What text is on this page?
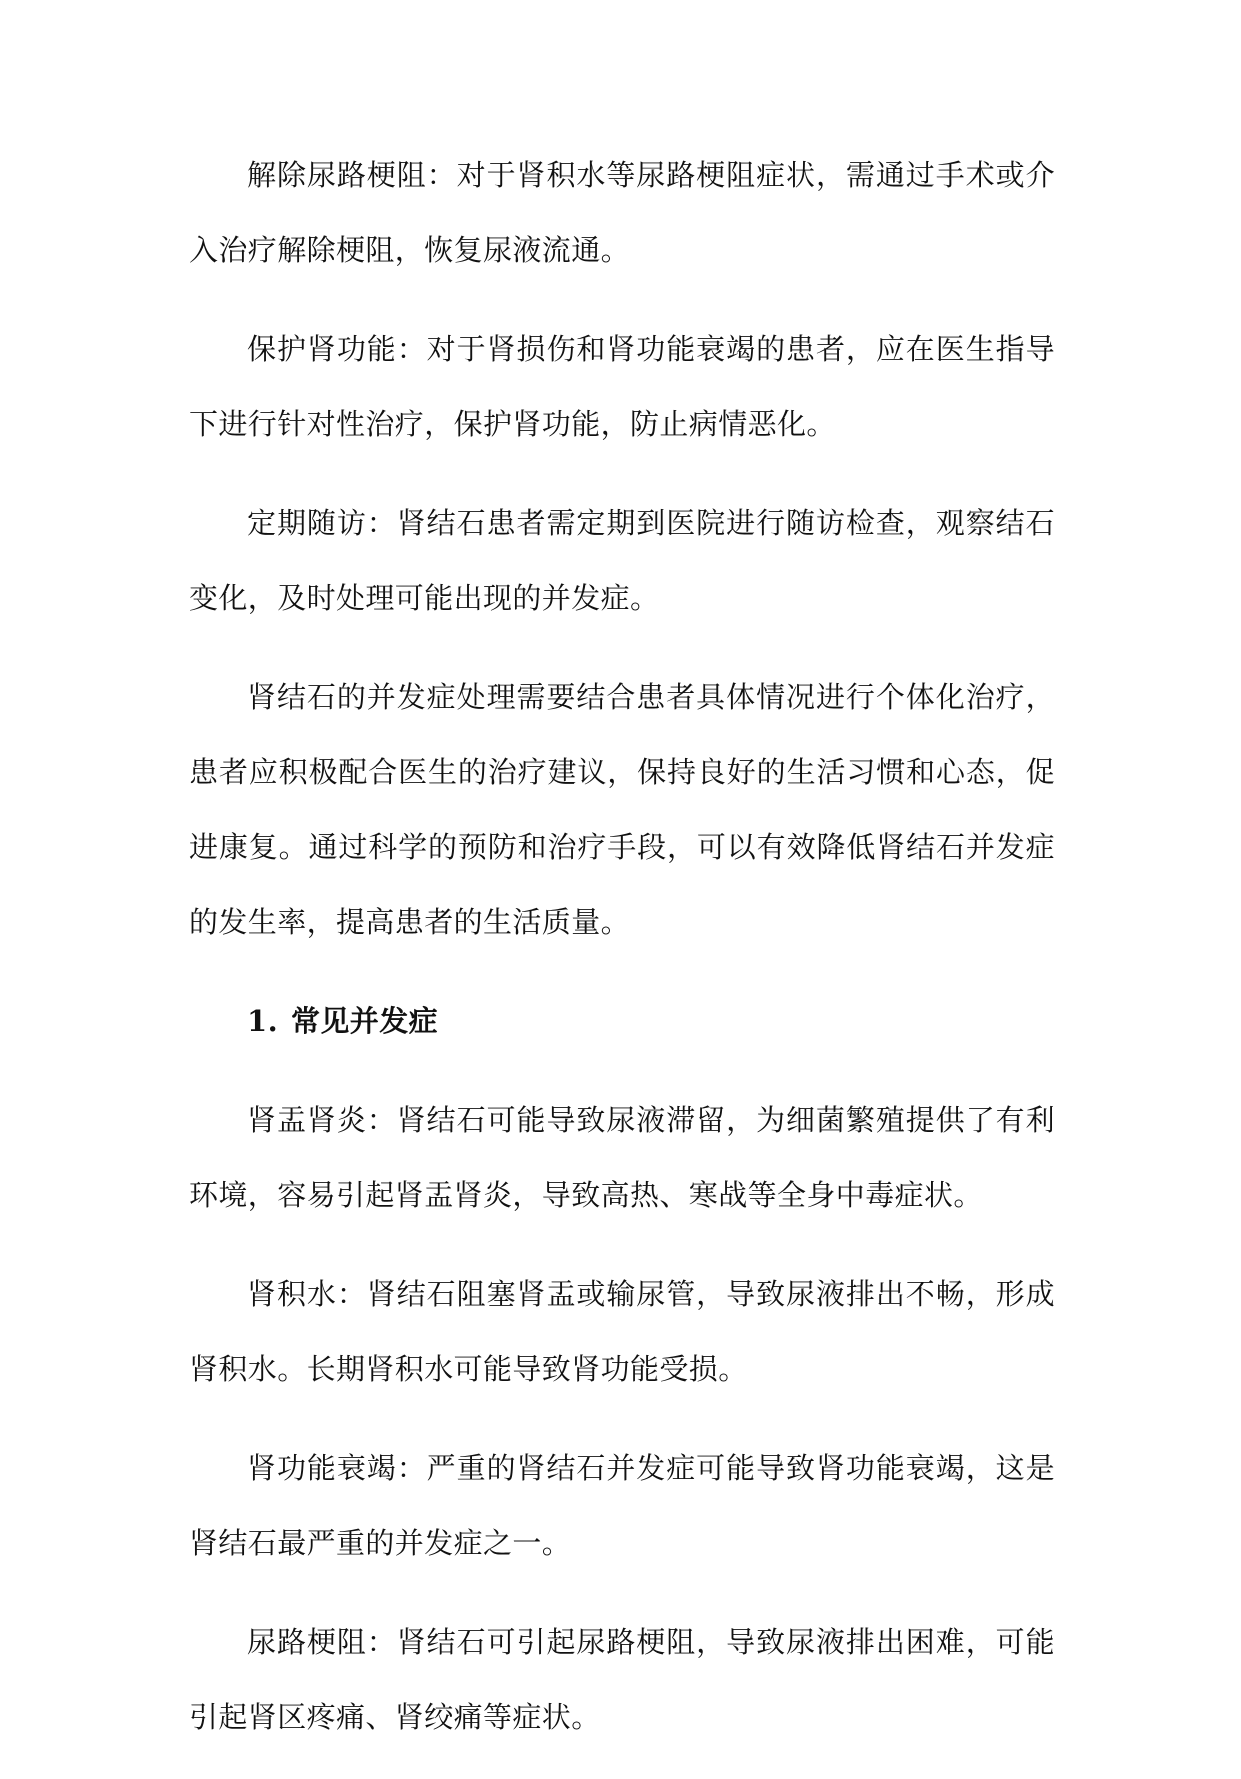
解除尿路梗阻：对于肾积水等尿路梗阻症状，需通过手术或介入治疗解除梗阻，恢复尿液流通。

保护肾功能：对于肾损伤和肾功能衰竭的患者，应在医生指导下进行针对性治疗，保护肾功能，防止病情恶化。

定期随访：肾结石患者需定期到医院进行随访检查，观察结石变化，及时处理可能出现的并发症。

肾结石的并发症处理需要结合患者具体情况进行个体化治疗，患者应积极配合医生的治疗建议，保持良好的生活习惯和心态，促进康复。通过科学的预防和治疗手段，可以有效降低肾结石并发症的发生率，提高患者的生活质量。

1. 常见并发症

肾盂肾炎：肾结石可能导致尿液滞留，为细菌繁殖提供了有利环境，容易引起肾盂肾炎，导致高热、寒战等全身中毒症状。

肾积水：肾结石阻塞肾盂或输尿管，导致尿液排出不畅，形成肾积水。长期肾积水可能导致肾功能受损。

肾功能衰竭：严重的肾结石并发症可能导致肾功能衰竭，这是肾结石最严重的并发症之一。

尿路梗阻：肾结石可引起尿路梗阻，导致尿液排出困难，可能引起肾区疼痛、肾绞痛等症状。
